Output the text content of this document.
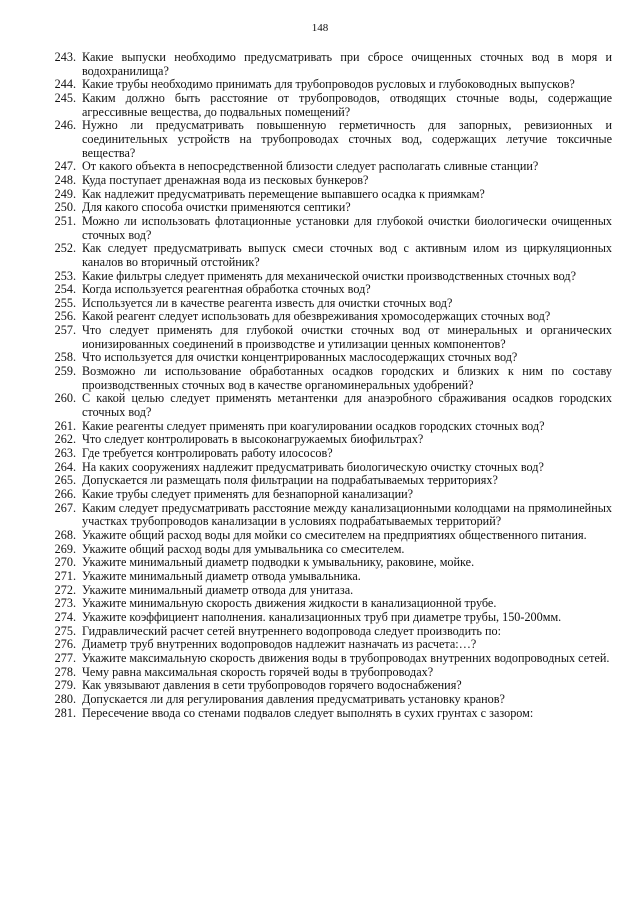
148
243. Какие выпуски необходимо предусматривать при сбросе очищенных сточных вод в моря и водохранилища?
244. Какие трубы необходимо принимать для трубопроводов русловых и глубоководных выпусков?
245. Каким должно быть расстояние от трубопроводов, отводящих сточные воды, содержащие агрессивные вещества, до подвальных помещений?
246. Нужно ли предусматривать повышенную герметичность для запорных, ревизионных и соединительных устройств на трубопроводах сточных вод, содержащих летучие токсичные вещества?
247. От какого объекта в непосредственной близости следует располагать сливные станции?
248. Куда поступает дренажная вода из песковых бункеров?
249. Как надлежит предусматривать перемещение выпавшего осадка к приямкам?
250. Для какого способа очистки применяются септики?
251. Можно ли использовать флотационные установки для глубокой очистки биологически очищенных сточных вод?
252. Как следует предусматривать выпуск смеси сточных вод с активным илом из циркуляционных каналов во вторичный отстойник?
253. Какие фильтры следует применять для механической очистки производственных сточных вод?
254. Когда используется реагентная обработка сточных вод?
255. Используется ли в качестве реагента известь для очистки сточных вод?
256. Какой реагент следует использовать для обезвреживания хромосодержащих сточных вод?
257. Что следует применять для глубокой очистки сточных вод от минеральных и органических ионизированных соединений в производстве и утилизации ценных компонентов?
258. Что используется для очистки концентрированных маслосодержащих сточных вод?
259. Возможно ли использование обработанных осадков городских и близких к ним по составу производственных сточных вод в качестве органоминеральных удобрений?
260. С какой целью следует применять метантенки для анаэробного сбраживания осадков городских сточных вод?
261. Какие реагенты следует применять при коагулировании осадков городских сточных вод?
262. Что следует контролировать в высоконагружаемых биофильтрах?
263. Где требуется контролировать работу илососов?
264. На каких сооружениях надлежит предусматривать биологическую очистку сточных вод?
265. Допускается ли размещать поля фильтрации на подрабатываемых территориях?
266. Какие трубы следует применять для безнапорной канализации?
267. Каким следует предусматривать расстояние между канализационными колодцами на прямолинейных участках трубопроводов канализации в условиях подрабатываемых территорий?
268. Укажите общий расход воды для мойки со смесителем на предприятиях общественного питания.
269. Укажите общий расход воды для умывальника со смесителем.
270. Укажите минимальный диаметр подводки к умывальнику, раковине, мойке.
271. Укажите минимальный диаметр отвода умывальника.
272. Укажите минимальный диаметр отвода для унитаза.
273. Укажите минимальную скорость движения жидкости в канализационной трубе.
274. Укажите коэффициент наполнения. канализационных труб при диаметре трубы, 150-200мм.
275. Гидравлический расчет сетей внутреннего водопровода следует производить по:
276. Диаметр труб внутренних водопроводов надлежит назначать из расчета:…?
277. Укажите максимальную скорость движения воды в трубопроводах внутренних водопроводных сетей.
278. Чему равна максимальная скорость горячей воды в трубопроводах?
279. Как увязывают давления в сети трубопроводов горячего водоснабжения?
280. Допускается ли для регулирования давления предусматривать установку кранов?
281. Пересечение ввода со стенами подвалов следует выполнять в сухих грунтах с зазором:
